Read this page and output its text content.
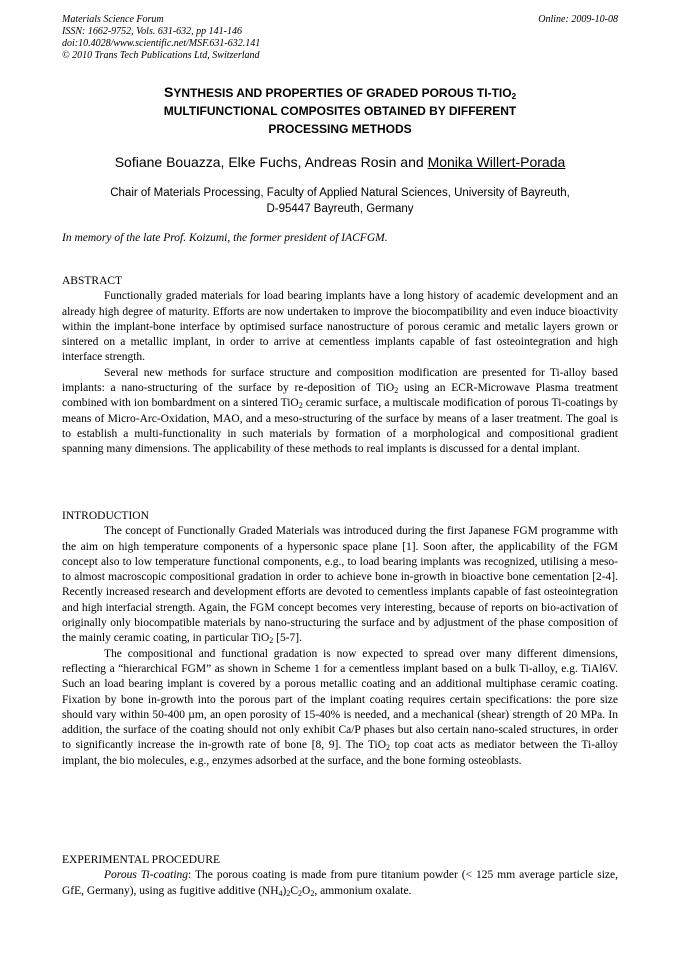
Materials Science Forum
ISSN: 1662-9752, Vols. 631-632, pp 141-146
doi:10.4028/www.scientific.net/MSF.631-632.141
© 2010 Trans Tech Publications Ltd, Switzerland
Online: 2009-10-08
SYNTHESIS AND PROPERTIES OF GRADED POROUS $TI-TIO_2$
MULTIFUNCTIONAL COMPOSITES OBTAINED BY DIFFERENT
PROCESSING METHODS
Sofiane Bouazza, Elke Fuchs, Andreas Rosin and Monika Willert-Porada
Chair of Materials Processing, Faculty of Applied Natural Sciences, University of Bayreuth,
D-95447 Bayreuth, Germany
In memory of the late Prof. Koizumi, the former president of IACFGM.
ABSTRACT

Functionally graded materials for load bearing implants have a long history of academic development and an already high degree of maturity. Efforts are now undertaken to improve the biocompatibility and even induce bioactivity within the implant-bone interface by optimised surface nanostructure of porous ceramic and metalic layers grown or sintered on a metallic implant, in order to arrive at cementless implants capable of fast osteointegration and high interface strength.

Several new methods for surface structure and composition modification are presented for Ti-alloy based implants: a nano-structuring of the surface by re-deposition of TiO$_2$ using an ECR-Microwave Plasma treatment combined with ion bombardment on a sintered TiO$_2$ ceramic surface, a multiscale modification of porous Ti-coatings by means of Micro-Arc-Oxidation, MAO, and a meso-structuring of the surface by means of a laser treatment. The goal is to establish a multi-functionality in such materials by formation of a morphological and compositional gradient spanning many dimensions. The applicability of these methods to real implants is discussed for a dental implant.

INTRODUCTION

The concept of Functionally Graded Materials was introduced during the first Japanese FGM programme with the aim on high temperature components of a hypersonic space plane [1]. Soon after, the applicability of the FGM concept also to low temperature functional components, e.g., to load bearing implants was recognized, utilising a meso- to almost macroscopic compositional gradation in order to achieve bone in-growth in bioactive bone cementation [2-4]. Recently increased research and development efforts are devoted to cementless implants capable of fast osteointegration and high interfacial strength. Again, the FGM concept becomes very interesting, because of reports on bio-activation of originally only biocompatible materials by nano-structuring the surface and by adjustment of the phase composition of the mainly ceramic coating, in particular TiO$_2$ [5-7].

The compositional and functional gradation is now expected to spread over many different dimensions, reflecting a “hierarchical FGM” as shown in Scheme 1 for a cementless implant based on a bulk Ti-alloy, e.g. TiAl6V. Such an load bearing implant is covered by a porous metallic coating and an additional multiphase ceramic coating. Fixation by bone in-growth into the porous part of the implant coating requires certain specifications: the pore size should vary within 50-400 µm, an open porosity of 15-40% is needed, and a mechanical (shear) strength of 20 MPa. In addition, the surface of the coating should not only exhibit Ca/P phases but also certain nano-scaled structures, in order to significantly increase the in-growth rate of bone [8, 9]. The TiO$_2$ top coat acts as mediator between the Ti-alloy implant, the bio molecules, e.g., enzymes adsorbed at the surface, and the bone forming osteoblasts.

EXPERIMENTAL PROCEDURE

Porous Ti-coating: The porous coating is made from pure titanium powder (< 125 mm average particle size, GfE, Germany), using as fugitive additive $(NH_4)_2C_2O_2$, ammonium oxalate.
